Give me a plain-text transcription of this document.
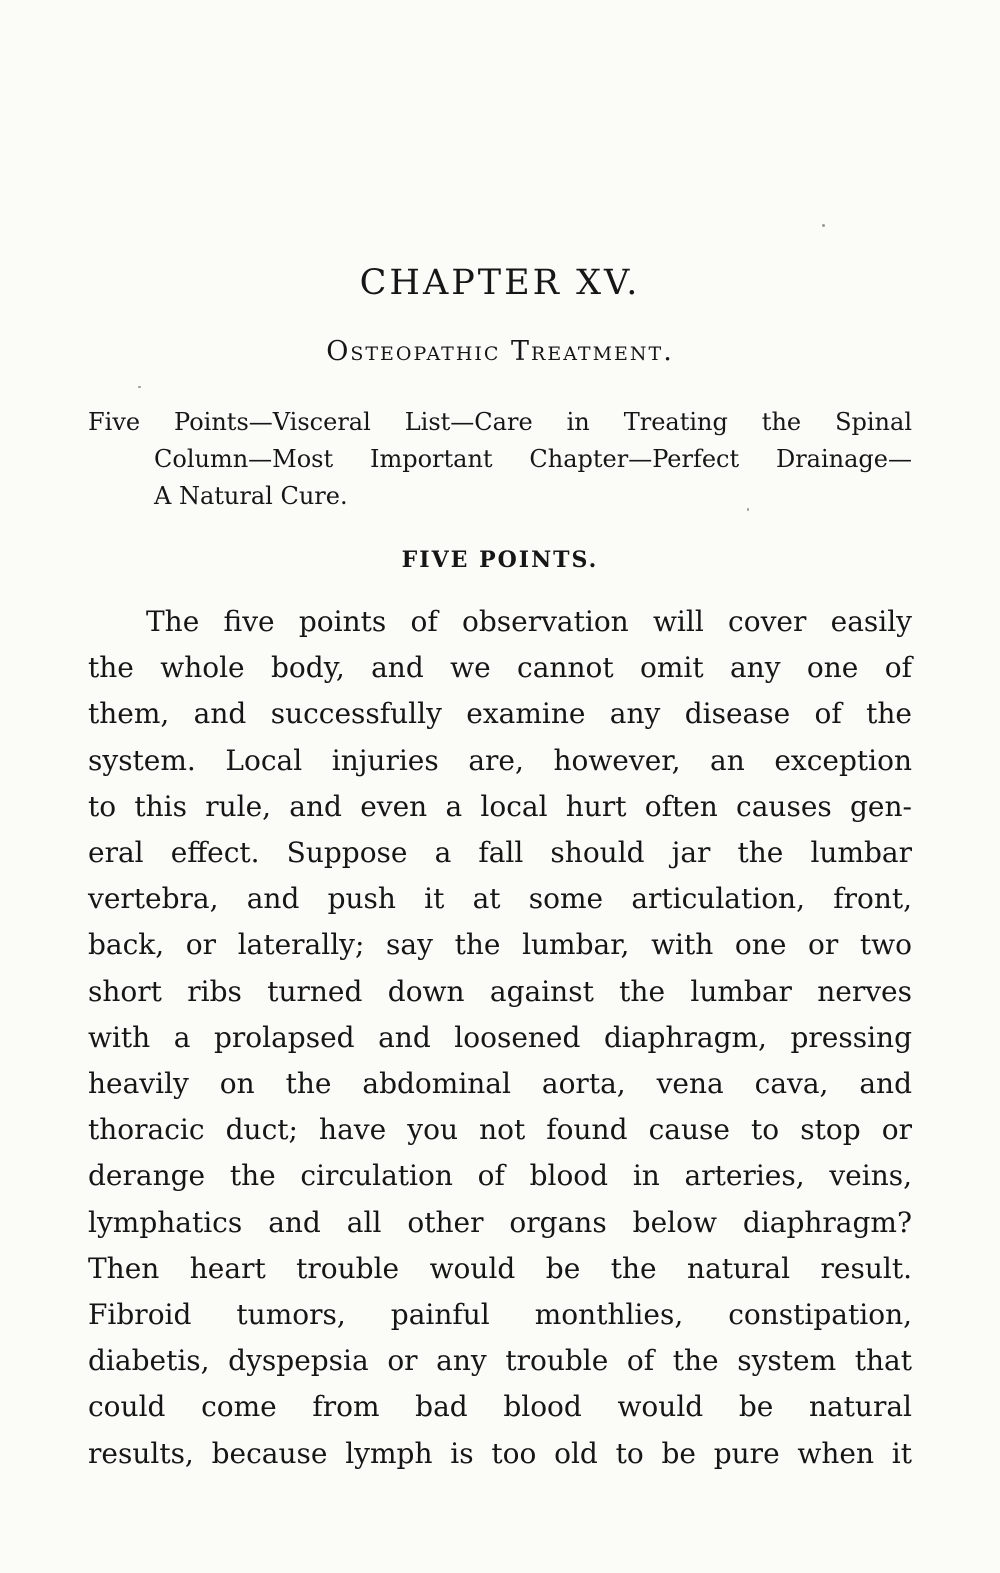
CHAPTER XV.
Osteopathic Treatment.
Five Points—Visceral List—Care in Treating the Spinal
Column—Most Important Chapter—Perfect Drainage—
A Natural Cure.
FIVE POINTS.
The five points of observation will cover easily
the whole body, and we cannot omit any one of
them, and successfully examine any disease of the
system. Local injuries are, however, an exception
to this rule, and even a local hurt often causes gen-
eral effect. Suppose a fall should jar the lumbar
vertebra, and push it at some articulation, front,
back, or laterally; say the lumbar, with one or two
short ribs turned down against the lumbar nerves
with a prolapsed and loosened diaphragm, pressing
heavily on the abdominal aorta, vena cava, and
thoracic duct; have you not found cause to stop or
derange the circulation of blood in arteries, veins,
lymphatics and all other organs below diaphragm?
Then heart trouble would be the natural result.
Fibroid tumors, painful monthlies, constipation,
diabetis, dyspepsia or any trouble of the system that
could come from bad blood would be natural
results, because lymph is too old to be pure when it
